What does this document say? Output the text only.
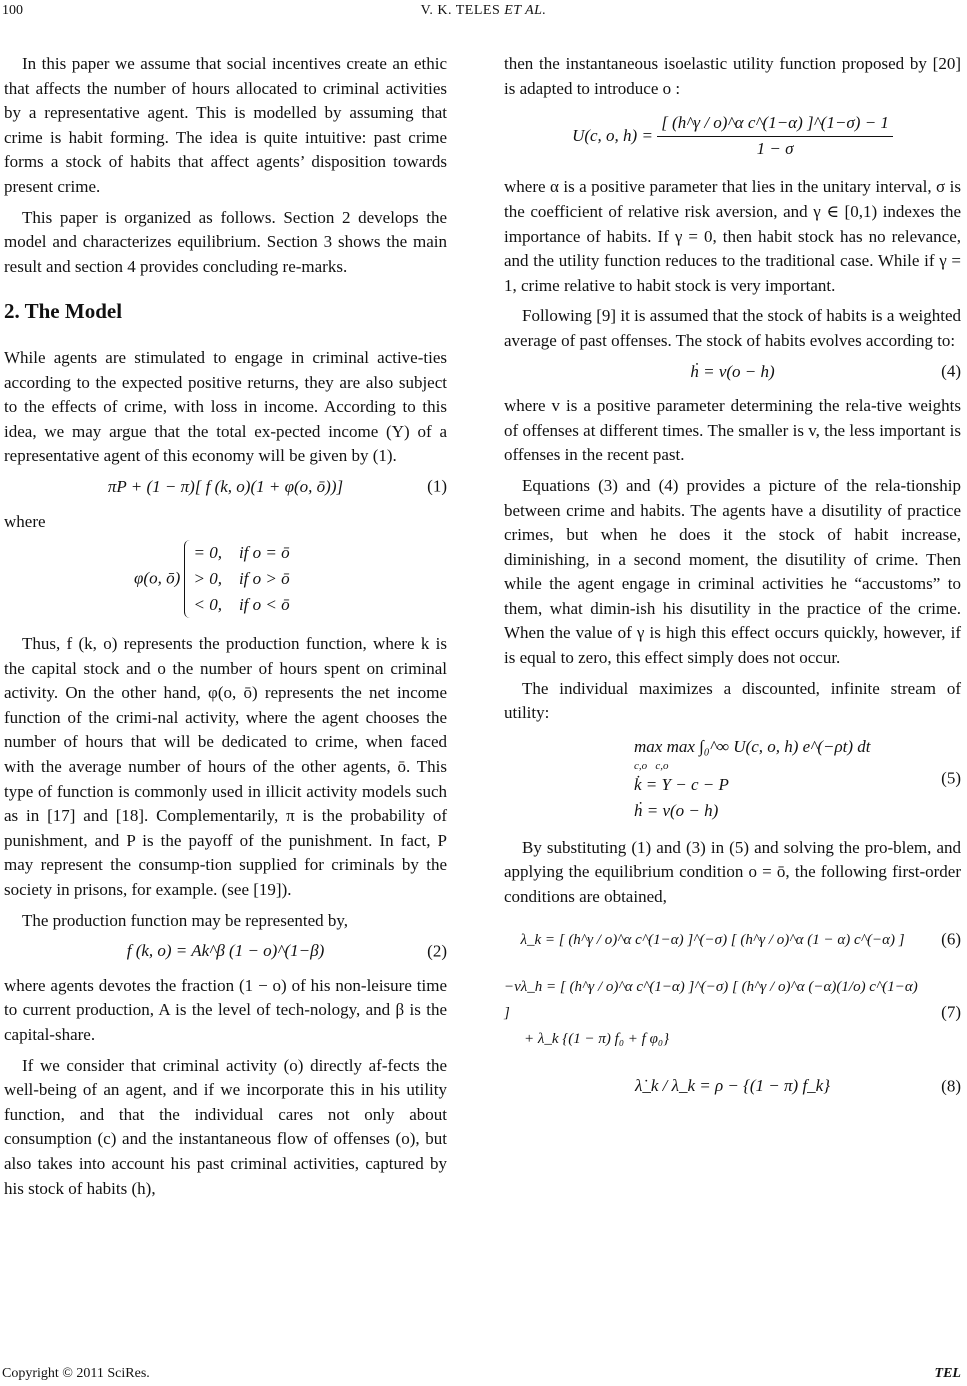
100	V. K. TELES ET AL.

In this paper we assume that social incentives create an ethic that affects the number of hours allocated to criminal activities by a representative agent. This is modelled by assuming that crime is habit forming. The idea is quite intuitive: past crime forms a stock of habits that affect agents’ disposition towards present crime.

This paper is organized as follows. Section 2 develops the model and characterizes equilibrium. Section 3 shows the main result and section 4 provides concluding re-marks.

2. The Model

While agents are stimulated to engage in criminal active-ties according to the expected positive returns, they are also subject to the effects of crime, with loss in income. According to this idea, we may argue that the total ex-pected income (Y) of a representative agent of this economy will be given by (1).

πP + (1 − π)[ f (k, o)(1 + φ(o, ō))]	(1)

where

φ(o, ō)
= 0,    if o = ō
> 0,    if o > ō
< 0,    if o < ō

Thus, f (k, o) represents the production function, where k is the capital stock and o the number of hours spent on criminal activity. On the other hand, φ(o, ō) represents the net income function of the crimi-nal activity, where the agent chooses the number of hours that will be dedicated to crime, when faced with the average number of hours of the other agents, ō. This type of function is commonly used in illicit activity models such as in [17] and [18]. Complementarily, π is the probability of punishment, and P is the payoff of the punishment. In fact, P may represent the consump-tion supplied for criminals by the society in prisons, for example. (see [19]).

The production function may be represented by,

f (k, o) = Ak^β (1 − o)^(1−β)	(2)

where agents devotes the fraction (1 − o) of his non-leisure time to current production, A is the level of tech-nology, and β is the capital-share.

If we consider that criminal activity (o) directly af-fects the well-being of an agent, and if we incorporate this in his utility function, and that the individual cares not only about consumption (c) and the instantaneous flow of offenses (o), but also takes into account his past criminal activities, captured by his stock of habits (h),

then the instantaneous isoelastic utility function proposed by [20] is adapted to introduce o :

U(c, o, $h) = \frac{\text{[ (h\textasciicircum{}γ / o)\textasciicircum{}α c\textasciicircum{}(1−α) ]\textasciicircum{}(1−σ) − 1}}{1 - \sigma}$

where α is a positive parameter that lies in the unitary interval, σ is the coefficient of relative risk aversion, and γ ∈ [0,1) indexes the importance of habits. If γ = 0, then habit stock has no relevance, and the utility function reduces to the traditional case. While if γ = 1, crime relative to habit stock is very important.

Following [9] it is assumed that the stock of habits is a weighted average of past offenses. The stock of habits evolves according to:

ḣ = v(o − h)	(4)

where v is a positive parameter determining the rela-tive weights of offenses at different times. The smaller is v, the less important is offenses in the recent past.

Equations (3) and (4) provides a picture of the rela-tionship between crime and habits. The agents have a disutility of practice crimes, but when he does it the stock of habit increase, diminishing, in a second moment, the disutility of crime. Then while the agent engage in criminal activities he “accustoms” to them, what dimin-ish his disutility in the practice of the crime. When the value of γ is high this effect occurs quickly, however, if is equal to zero, this effect simply does not occur.

The individual maximizes a discounted, infinite stream of utility:

max max ∫₀^∞ U(c, o, h) e^(−ρt) dt
c,o   c,o
k̇ = Y − c − P
ḣ = v(o − h)
(5)

By substituting (1) and (3) in (5) and solving the pro-blem, and applying the equilibrium condition o = ō, the following first-order conditions are obtained,

λ_k = [ (h^γ / o)^α c^(1−α) ]^(−σ) [ (h^γ / o)^α (1 − α) c^(−α) ]	(6)
−vλ_h = [ (h^γ / o)^α c^(1−α) ]^(−σ) [ (h^γ / o)^α (−α)(1/o) c^(1−α) ]
+ λ_k {(1 − π) f₀ + f φ₀}
(7)
λ̇_k / λ_k = ρ − {(1 − π) f_k}	(8)
Copyright © 2011 SciRes.	TEL
